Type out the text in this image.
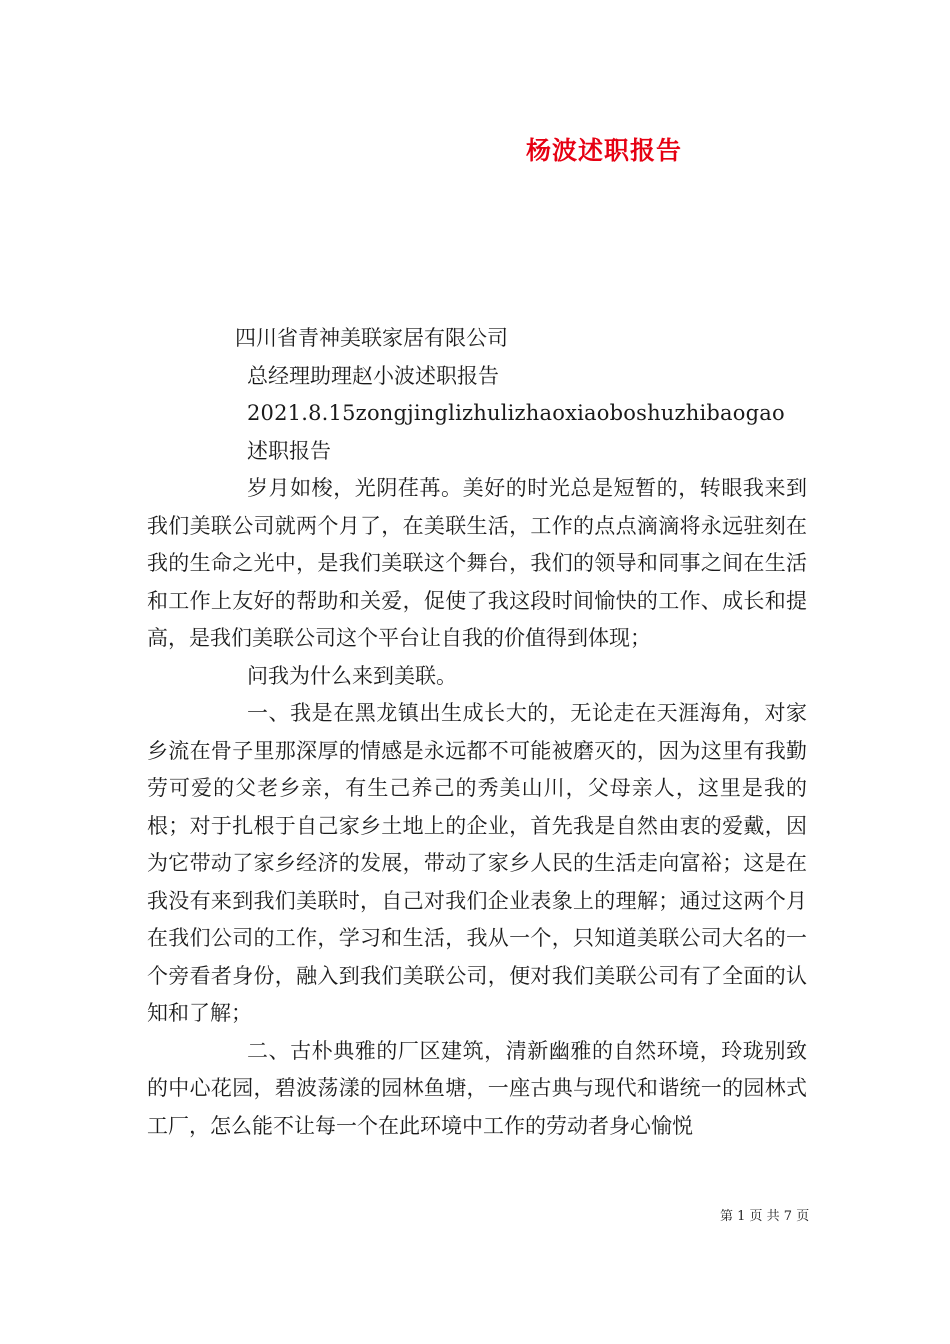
杨波述职报告
四川省青神美联家居有限公司
总经理助理赵小波述职报告
2021.8.15zongjinglizhulizhaoxiaoboshuzhibaogao
述职报告
岁月如梭，光阴荏苒。美好的时光总是短暂的，转眼我来到我们美联公司就两个月了，在美联生活，工作的点点滴滴将永远驻刻在我的生命之光中，是我们美联这个舞台，我们的领导和同事之间在生活和工作上友好的帮助和关爱，促使了我这段时间愉快的工作、成长和提高，是我们美联公司这个平台让自我的价值得到体现；
问我为什么来到美联。
一、我是在黑龙镇出生成长大的，无论走在天涯海角，对家乡流在骨子里那深厚的情感是永远都不可能被磨灭的，因为这里有我勤劳可爱的父老乡亲，有生己养己的秀美山川，父母亲人，这里是我的根；对于扎根于自己家乡土地上的企业，首先我是自然由衷的爱戴，因为它带动了家乡经济的发展，带动了家乡人民的生活走向富裕；这是在我没有来到我们美联时，自己对我们企业表象上的理解；通过这两个月在我们公司的工作，学习和生活，我从一个，只知道美联公司大名的一个旁看者身份，融入到我们美联公司，便对我们美联公司有了全面的认知和了解；
二、古朴典雅的厂区建筑，清新幽雅的自然环境，玲珑别致的中心花园，碧波荡漾的园林鱼塘，一座古典与现代和谐统一的园林式工厂，怎么能不让每一个在此环境中工作的劳动者身心愉悦
第 1 页 共 7 页
